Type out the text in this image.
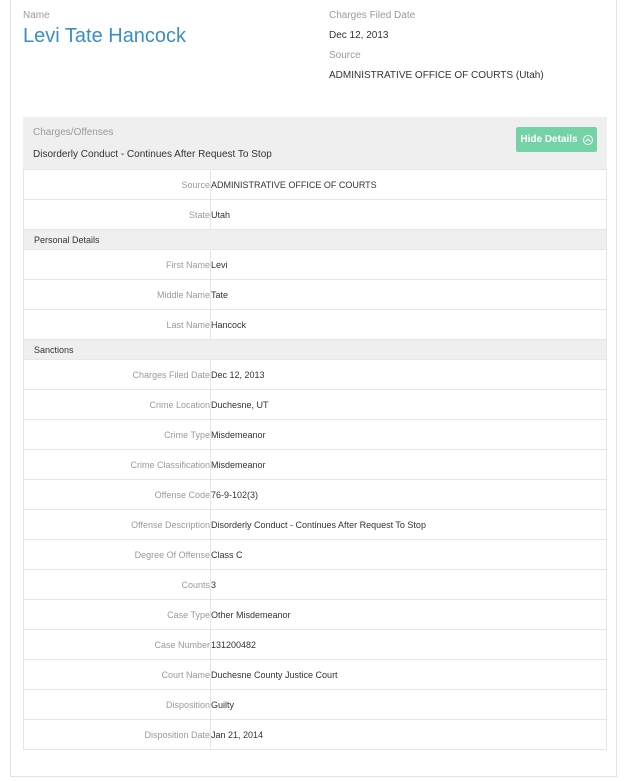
Name
Levi Tate Hancock
Charges Filed Date
Dec 12, 2013
Source
ADMINISTRATIVE OFFICE OF COURTS (Utah)
Charges/Offenses
Disorderly Conduct - Continues After Request To Stop
Hide Details
Source	ADMINISTRATIVE OFFICE OF COURTS
State	Utah
Personal Details	
First Name	Levi
Middle Name	Tate
Last Name	Hancock
Sanctions	
Charges Filed Date	Dec 12, 2013
Crime Location	Duchesne, UT
Crime Type	Misdemeanor
Crime Classification	Misdemeanor
Offense Code	76-9-102(3)
Offense Description	Disorderly Conduct - Continues After Request To Stop
Degree Of Offense	Class C
Counts	3
Case Type	Other Misdemeanor
Case Number	131200482
Court Name	Duchesne County Justice Court
Disposition	Guilty
Disposition Date	Jan 21, 2014
